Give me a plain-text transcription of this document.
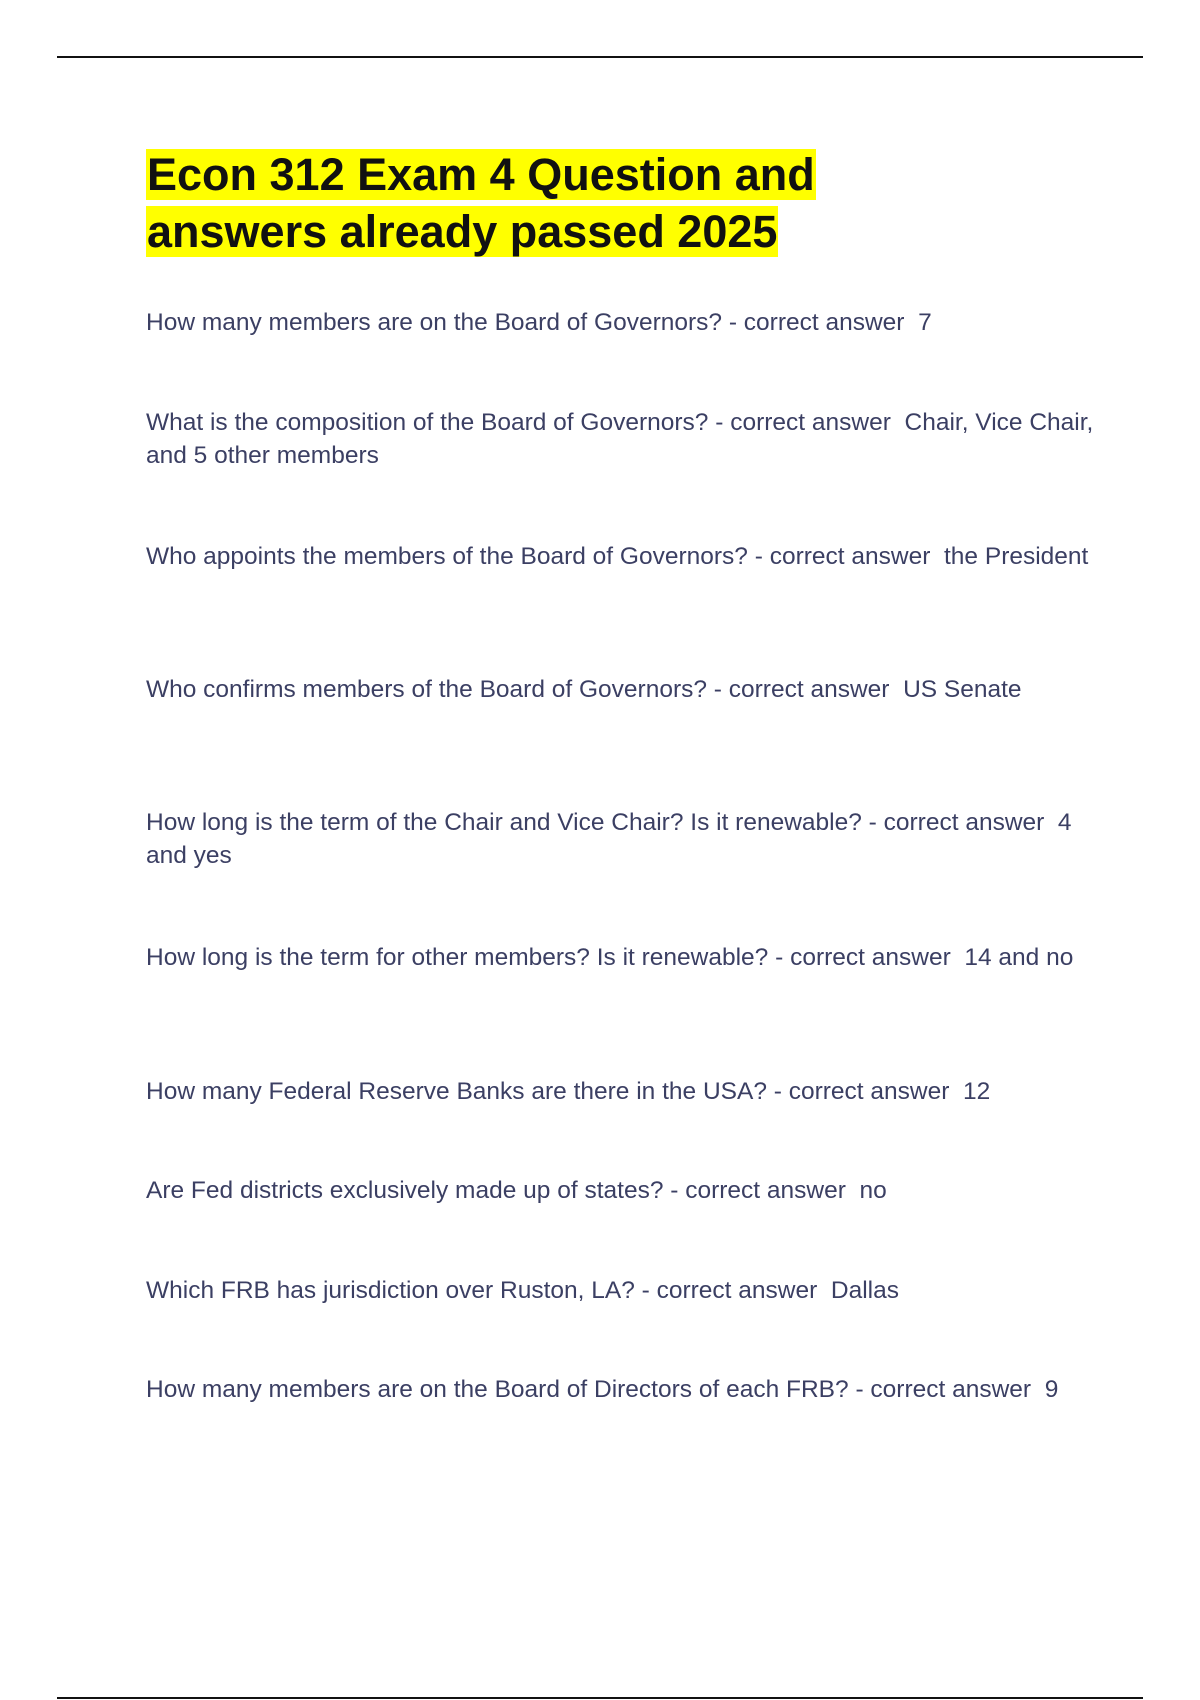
Econ 312 Exam 4 Question and
answers already passed 2025

How many members are on the Board of Governors? - correct answer  7

What is the composition of the Board of Governors? - correct answer  Chair, Vice Chair, and 5 other members

Who appoints the members of the Board of Governors? - correct answer  the President

Who confirms members of the Board of Governors? - correct answer  US Senate

How long is the term of the Chair and Vice Chair? Is it renewable? - correct answer  4 and yes

How long is the term for other members? Is it renewable? - correct answer  14 and no

How many Federal Reserve Banks are there in the USA? - correct answer  12

Are Fed districts exclusively made up of states? - correct answer  no

Which FRB has jurisdiction over Ruston, LA? - correct answer  Dallas

How many members are on the Board of Directors of each FRB? - correct answer  9
